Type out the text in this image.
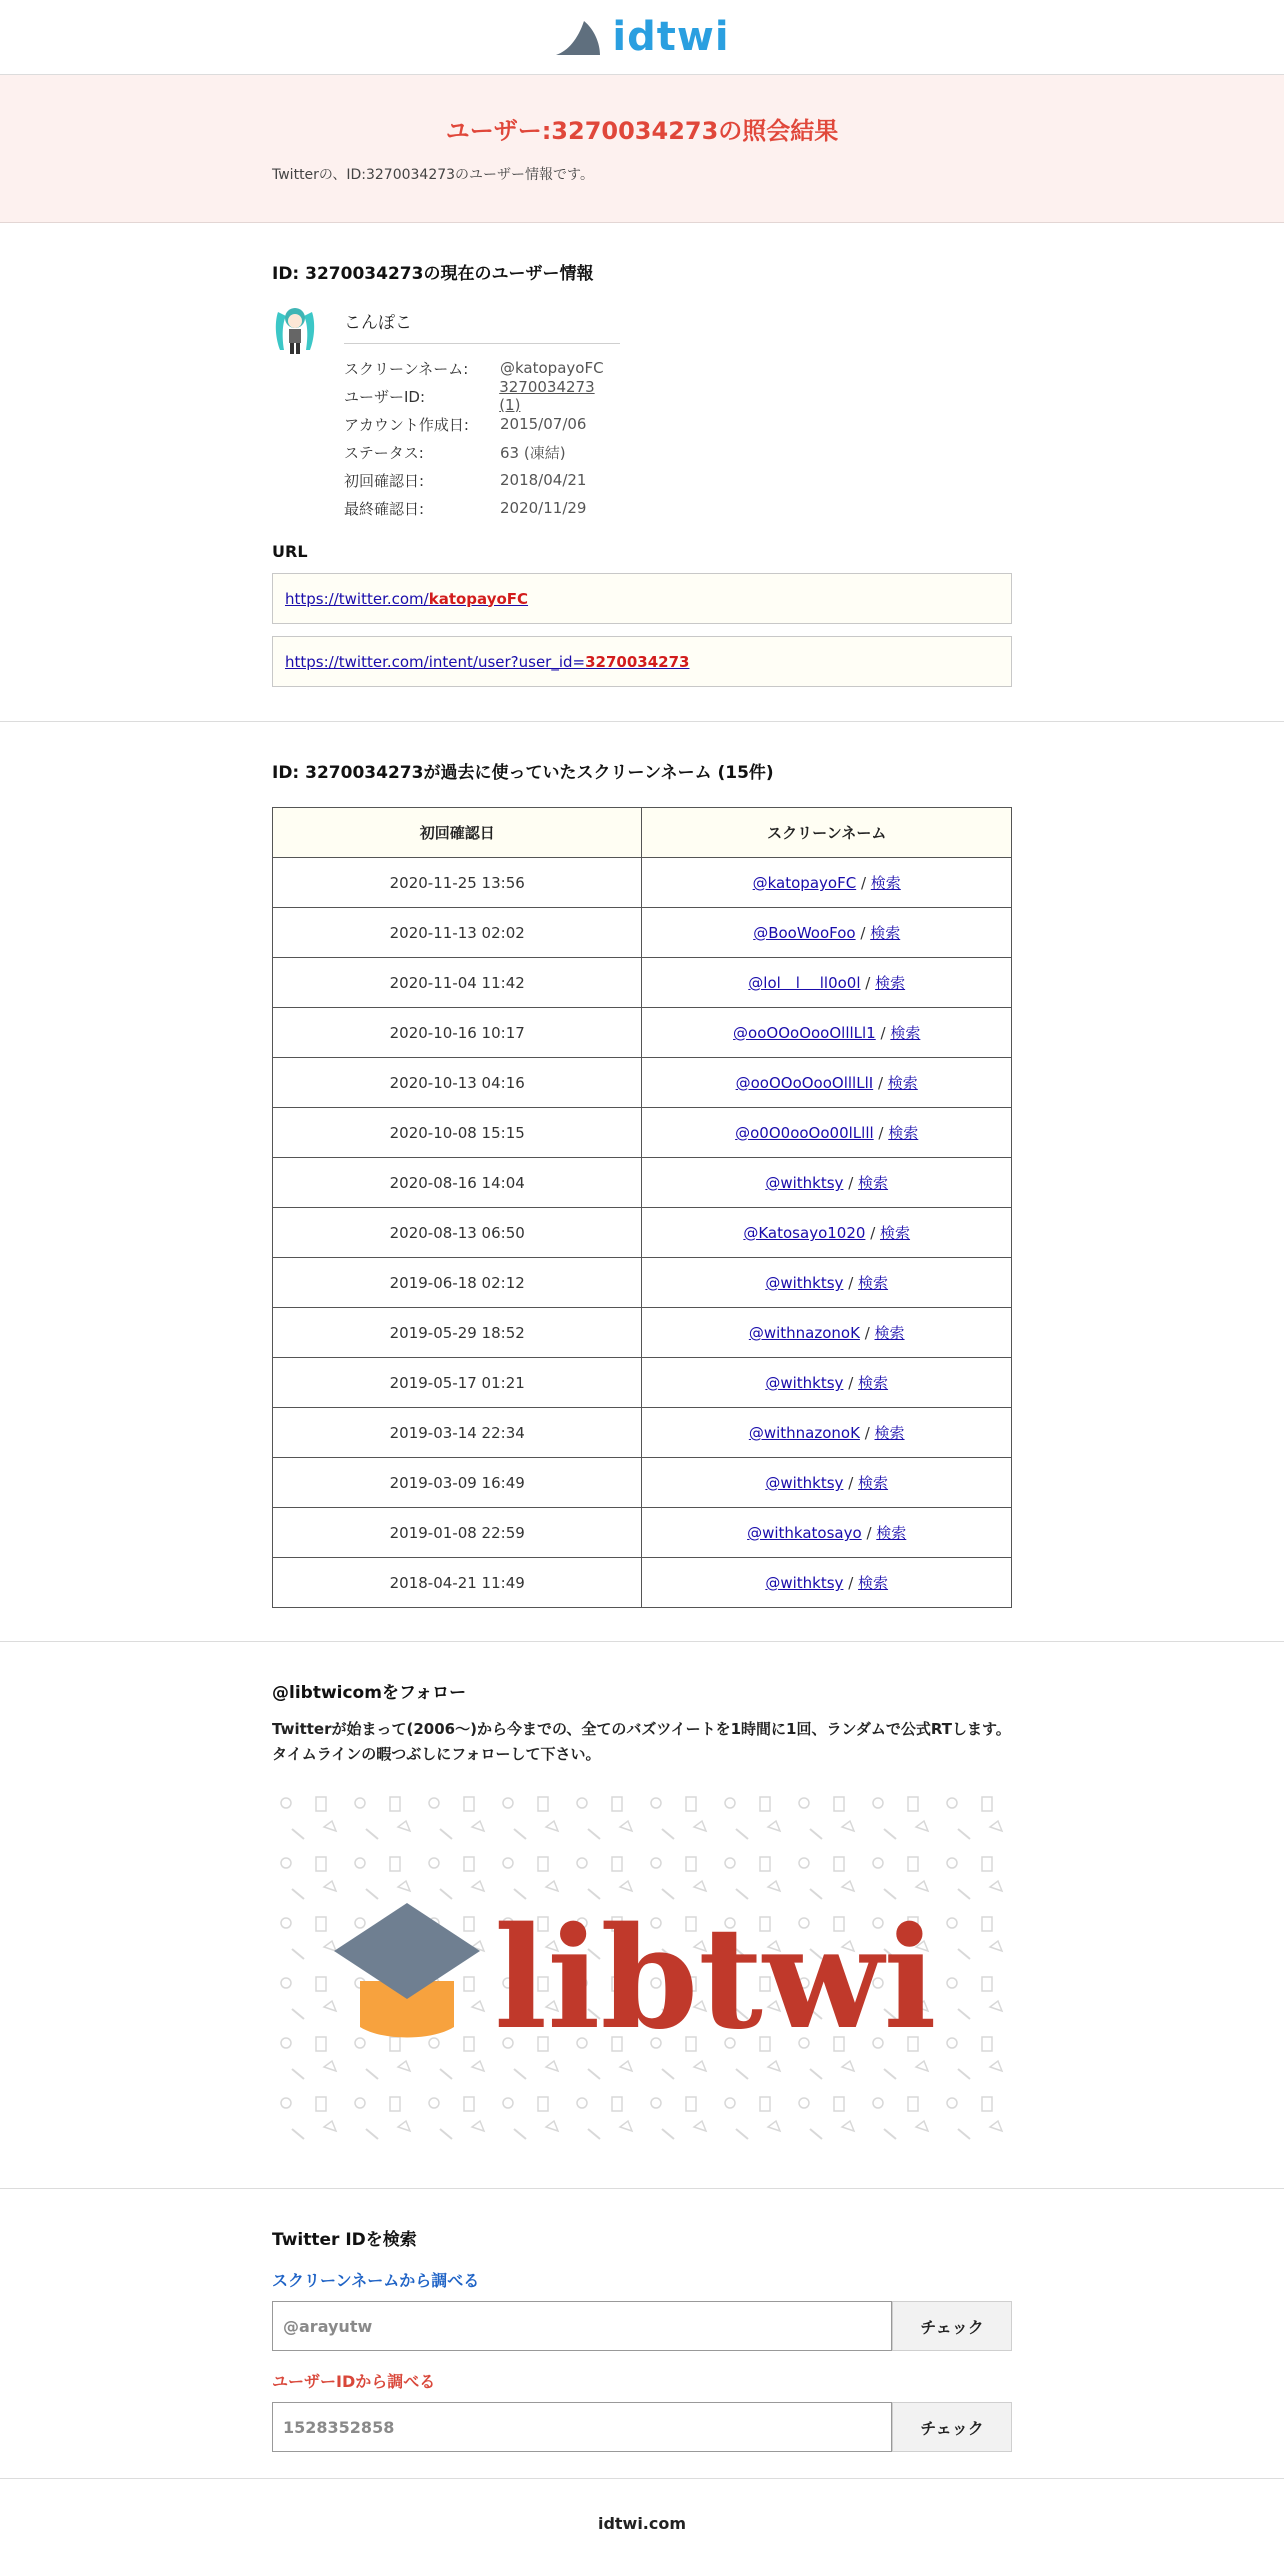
idtwi
ユーザー:3270034273の照会結果

Twitterの、ID:3270034273のユーザー情報です。

ID: 3270034273の現在のユーザー情報
こんぽこ
スクリーンネーム:	@katopayoFC
ユーザーID:
3270034273 (1)
アカウント作成日:	2015/07/06
ステータス:	63 (凍結)
初回確認日:	2018/04/21
最終確認日:	2020/11/29
URL
https://twitter.com/katopayoFC
https://twitter.com/intent/user?user_id=3270034273
ID: 3270034273が過去に使っていたスクリーンネーム (15件)
初回確認日	スクリーンネーム
2020-11-25 13:56	@katopayoFC / 検索
2020-11-13 02:02	@BooWooFoo / 検索
2020-11-04 11:42	@lol　l　 ll0o0l / 検索
2020-10-16 10:17	@ooOOoOooOlllLl1 / 検索
2020-10-13 04:16	@ooOOoOooOlllLlI / 検索
2020-10-08 15:15	@o0O0ooOo00lLlll / 検索
2020-08-16 14:04	@withktsy / 検索
2020-08-13 06:50	@Katosayo1020 / 検索
2019-06-18 02:12	@withktsy / 検索
2019-05-29 18:52	@withnazonoK / 検索
2019-05-17 01:21	@withktsy / 検索
2019-03-14 22:34	@withnazonoK / 検索
2019-03-09 16:49	@withktsy / 検索
2019-01-08 22:59	@withkatosayo / 検索
2018-04-21 11:49	@withktsy / 検索
@libtwicomをフォロー

Twitterが始まって(2006〜)から今までの、全てのバズツイートを1時間に1回、ランダムで公式RTします。タイムラインの暇つぶしにフォローして下さい。

libtwi
Twitter IDを検索
スクリーンネームから調べる
@arayutw
チェック
ユーザーIDから調べる
1528352858
チェック
idtwi.com
